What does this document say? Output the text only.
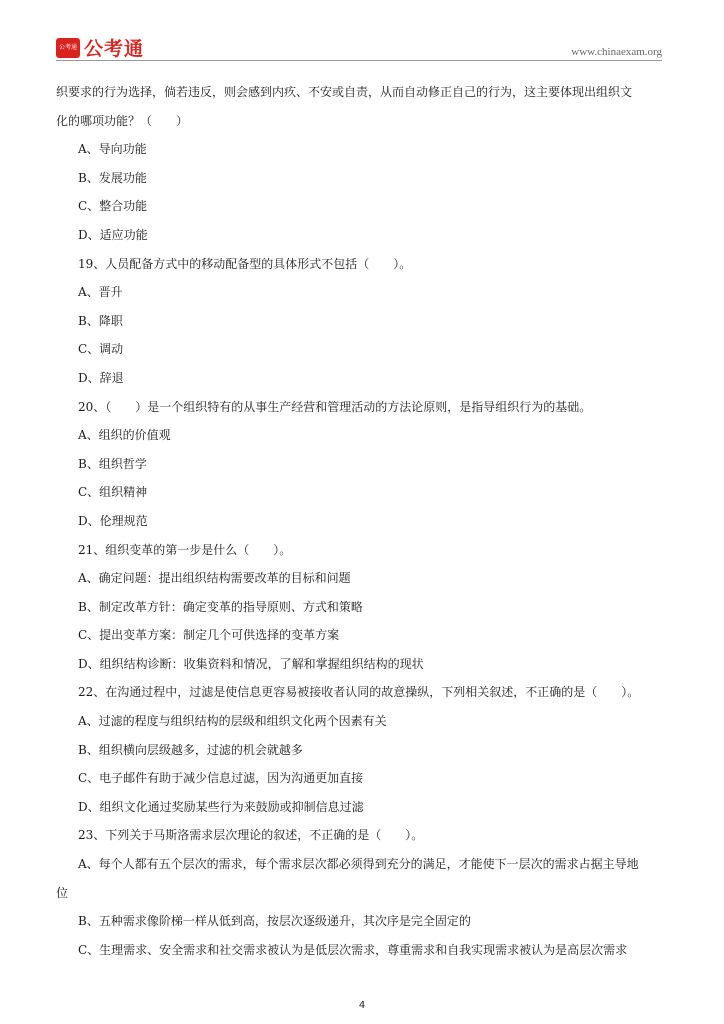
公考通 公考通	www.chinaexam.org
织要求的行为选择，倘若违反，则会感到内疚、不安或自责，从而自动修正自己的行为，这主要体现出组织文
化的哪项功能？（　　）
A、导向功能
B、发展功能
C、整合功能
D、适应功能
19、人员配备方式中的移动配备型的具体形式不包括（　　）。
A、晋升
B、降职
C、调动
D、辞退
20、（　　）是一个组织特有的从事生产经营和管理活动的方法论原则，是指导组织行为的基础。
A、组织的价值观
B、组织哲学
C、组织精神
D、伦理规范
21、组织变革的第一步是什么（　　）。
A、确定问题：提出组织结构需要改革的目标和问题
B、制定改革方针：确定变革的指导原则、方式和策略
C、提出变革方案：制定几个可供选择的变革方案
D、组织结构诊断：收集资料和情况，了解和掌握组织结构的现状
22、在沟通过程中，过滤是使信息更容易被接收者认同的故意操纵，下列相关叙述，不正确的是（　　）。
A、过滤的程度与组织结构的层级和组织文化两个因素有关
B、组织横向层级越多，过滤的机会就越多
C、电子邮件有助于减少信息过滤，因为沟通更加直接
D、组织文化通过奖励某些行为来鼓励或抑制信息过滤
23、下列关于马斯洛需求层次理论的叙述，不正确的是（　　）。
A、每个人都有五个层次的需求，每个需求层次都必须得到充分的满足，才能使下一层次的需求占据主导地
位
B、五种需求像阶梯一样从低到高，按层次逐级递升，其次序是完全固定的
C、生理需求、安全需求和社交需求被认为是低层次需求，尊重需求和自我实现需求被认为是高层次需求
4
